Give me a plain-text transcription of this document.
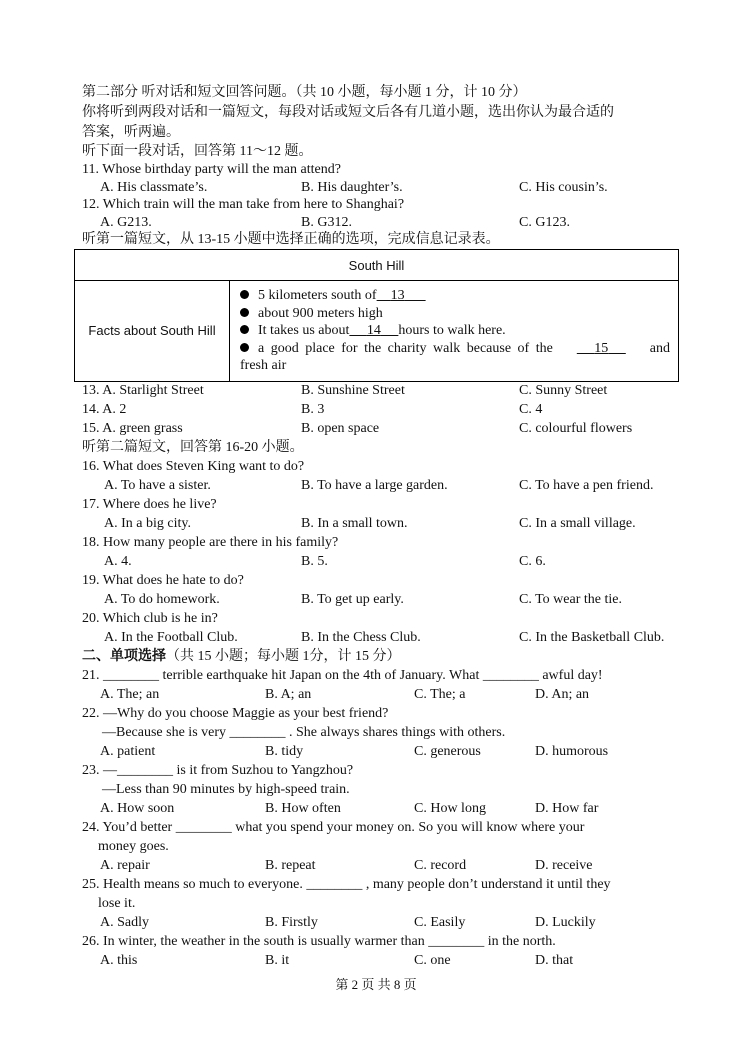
第二部分 听对话和短文回答问题。（共 10 小题，每小题 1 分，计 10 分）
你将听到两段对话和一篇短文，每段对话或短文后各有几道小题，选出你认为最合适的
答案，听两遍。
听下面一段对话，回答第 11～12 题。
11. Whose birthday party will the man attend?
A. His classmate’s.	B. His daughter’s.	C. His cousin’s.
12. Which train will the man take from here to Shanghai?
A. G213.	B. G312.	C. G123.
听第一篇短文，从 13-15 小题中选择正确的选项，完成信息记录表。
South Hill
Facts about South Hill	
5 kilometers south of	13
about 900 meters high
It takes us about	14	hours to walk here.
a good place for the charity walk because of the	15	and
fresh air
13. A. Starlight Street	B. Sunshine Street	C. Sunny Street
14. A. 2	B. 3	C. 4
15. A. green grass	B. open space	C. colourful flowers
听第二篇短文，回答第 16-20 小题。
16. What does Steven King want to do?
A. To have a sister.	B. To have a large garden.	C. To have a pen friend.
17. Where does he live?
A. In a big city.	B. In a small town.	C. In a small village.
18. How many people are there in his family?
A. 4.	B. 5.	C. 6.
19. What does he hate to do?
A. To do homework.	B. To get up early.	C. To wear the tie.
20. Which club is he in?
A. In the Football Club.	B. In the Chess Club.	C. In the Basketball Club.
二、单项选择（共 15 小题；每小题 1分，计 15 分）
21. ________ terrible earthquake hit Japan on the 4th of January. What ________ awful day!
A. The; an	B. A; an	C. The; a	D. An; an
22. —Why do you choose Maggie as your best friend?
—Because she is very ________ . She always shares things with others.
A. patient	B. tidy	C. generous	D. humorous
23. —________ is it from Suzhou to Yangzhou?
—Less than 90 minutes by high-speed train.
A. How soon	B. How often	C. How long	D. How far
24. You’d better ________ what you spend your money on. So you will know where your
money goes.
A. repair	B. repeat	C. record	D. receive
25. Health means so much to everyone. ________ , many people don’t understand it until they
lose it.
A. Sadly	B. Firstly	C. Easily	D. Luckily
26. In winter, the weather in the south is usually warmer than ________ in the north.
A. this	B. it	C. one	D. that
第 2 页 共 8 页
